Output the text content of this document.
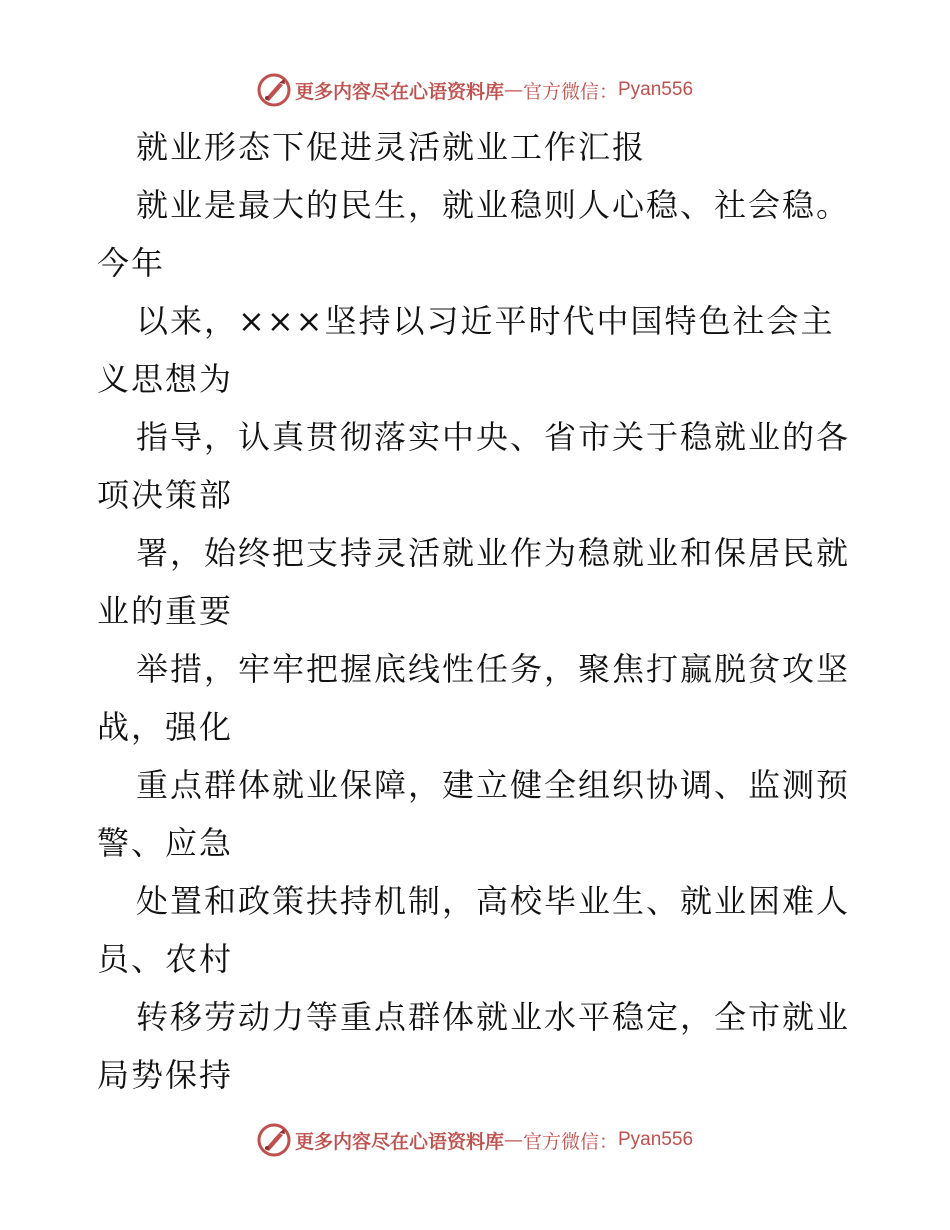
更多内容尽在心语资料库 — 官方微信： Pyan556
就业形态下促进灵活就业工作汇报
就业是最大的民生，就业稳则人心稳、社会稳。
今年
以来，×××坚持以习近平时代中国特色社会主
义思想为
指导，认真贯彻落实中央、省市关于稳就业的各
项决策部
署，始终把支持灵活就业作为稳就业和保居民就
业的重要
举措，牢牢把握底线性任务，聚焦打赢脱贫攻坚
战，强化
重点群体就业保障，建立健全组织协调、监测预
警、应急
处置和政策扶持机制，高校毕业生、就业困难人
员、农村
转移劳动力等重点群体就业水平稳定，全市就业
局势保持
更多内容尽在心语资料库 — 官方微信： Pyan556
